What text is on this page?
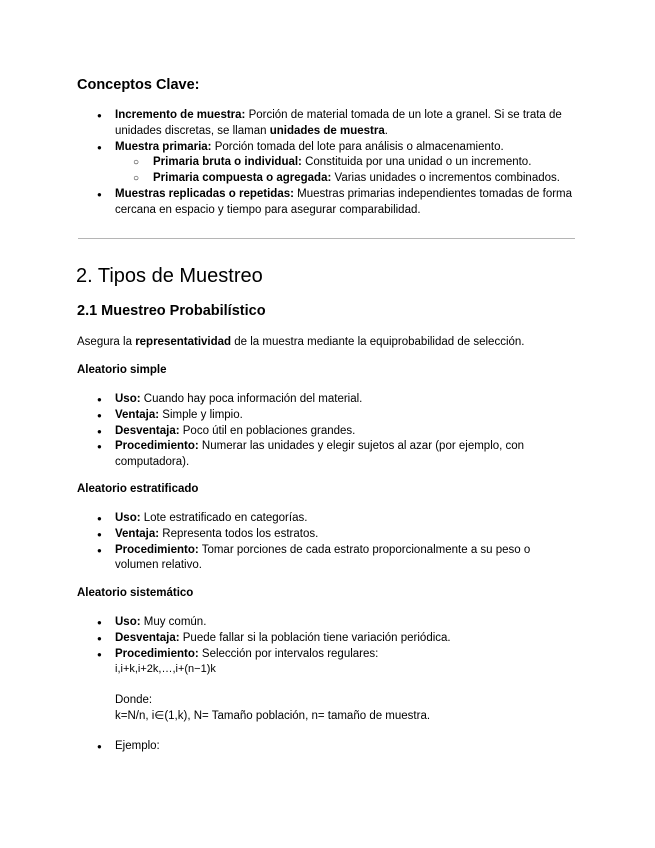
Conceptos Clave:
● Incremento de muestra: Porción de material tomada de un lote a granel. Si se trata de unidades discretas, se llaman unidades de muestra.
● Muestra primaria: Porción tomada del lote para análisis o almacenamiento.
○ Primaria bruta o individual: Constituida por una unidad o un incremento.
○ Primaria compuesta o agregada: Varias unidades o incrementos combinados.
● Muestras replicadas o repetidas: Muestras primarias independientes tomadas de forma cercana en espacio y tiempo para asegurar comparabilidad.
2. Tipos de Muestreo
2.1 Muestreo Probabilístico
Asegura la representatividad de la muestra mediante la equiprobabilidad de selección.
Aleatorio simple
● Uso: Cuando hay poca información del material.
● Ventaja: Simple y limpio.
● Desventaja: Poco útil en poblaciones grandes.
● Procedimiento: Numerar las unidades y elegir sujetos al azar (por ejemplo, con computadora).
Aleatorio estratificado
● Uso: Lote estratificado en categorías.
● Ventaja: Representa todos los estratos.
● Procedimiento: Tomar porciones de cada estrato proporcionalmente a su peso o volumen relativo.
Aleatorio sistemático
● Uso: Muy común.
● Desventaja: Puede fallar si la población tiene variación periódica.
● Procedimiento: Selección por intervalos regulares:
i,i+k,i+2k,…,i+(n−1)k
Donde:
k=N/n, i∈(1,k), N= Tamaño población, n= tamaño de muestra.
● Ejemplo:
